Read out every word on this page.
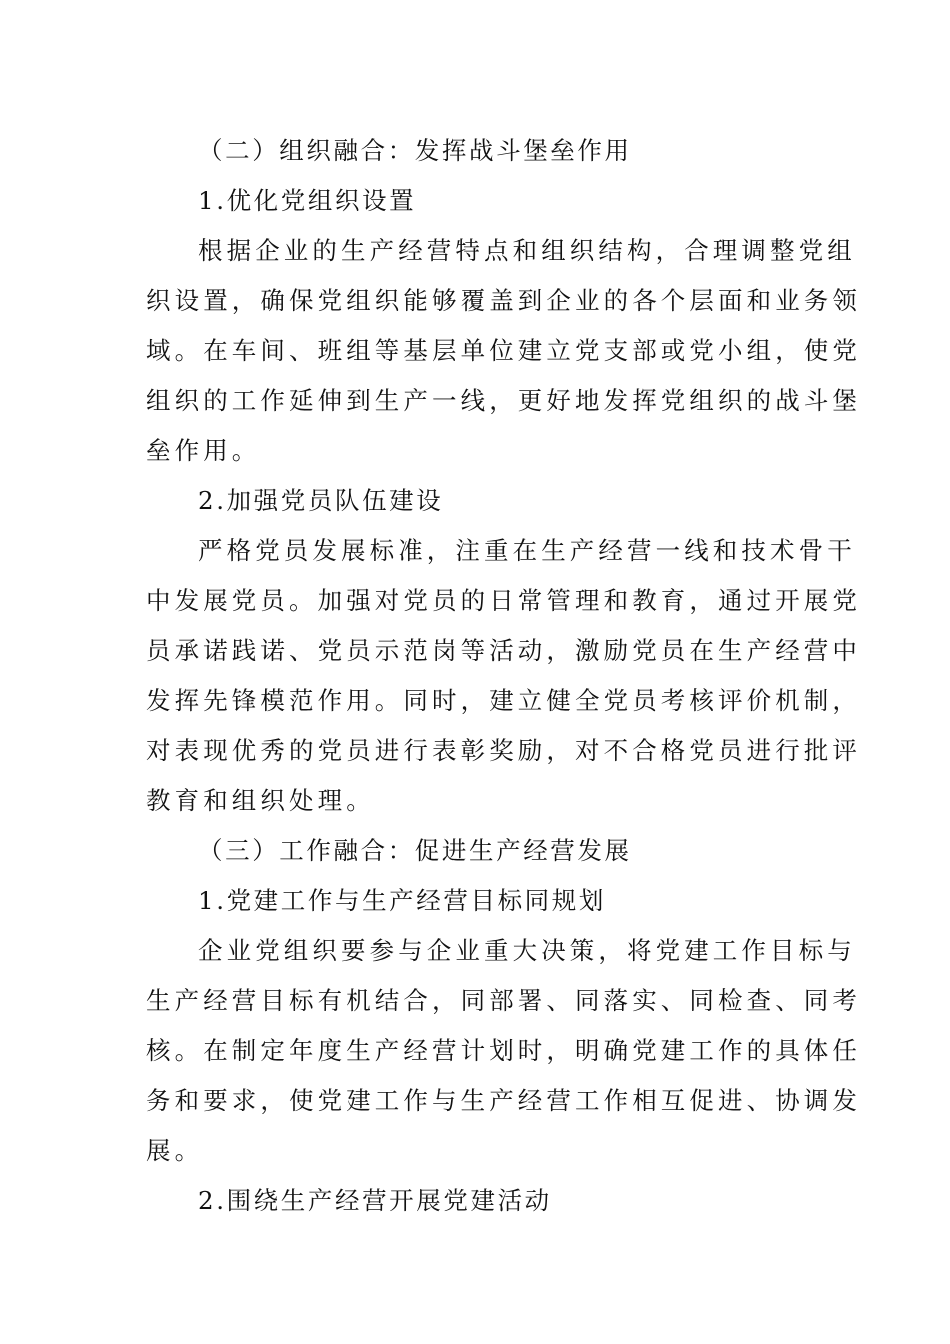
（二）组织融合：发挥战斗堡垒作用
1.优化党组织设置
根据企业的生产经营特点和组织结构，合理调整党组
织设置，确保党组织能够覆盖到企业的各个层面和业务领
域。在车间、班组等基层单位建立党支部或党小组，使党
组织的工作延伸到生产一线，更好地发挥党组织的战斗堡
垒作用。
2.加强党员队伍建设
严格党员发展标准，注重在生产经营一线和技术骨干
中发展党员。加强对党员的日常管理和教育，通过开展党
员承诺践诺、党员示范岗等活动，激励党员在生产经营中
发挥先锋模范作用。同时，建立健全党员考核评价机制，
对表现优秀的党员进行表彰奖励，对不合格党员进行批评
教育和组织处理。
（三）工作融合：促进生产经营发展
1.党建工作与生产经营目标同规划
企业党组织要参与企业重大决策，将党建工作目标与
生产经营目标有机结合，同部署、同落实、同检查、同考
核。在制定年度生产经营计划时，明确党建工作的具体任
务和要求，使党建工作与生产经营工作相互促进、协调发
展。
2.围绕生产经营开展党建活动
